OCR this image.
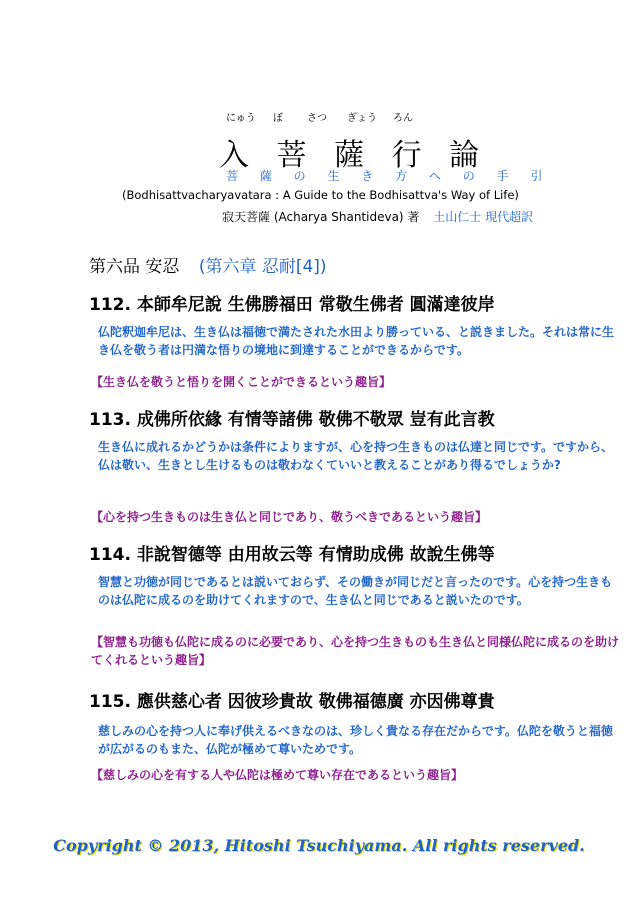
にゅう ぼ さつ ぎょう ろん
入 菩 薩 行 論
菩 薩 の 生 き 方 へ の 手 引
(Bodhisattvacharyavatara : A Guide to the Bodhisattva's Way of Life)
寂天菩薩 (Acharya Shantideva) 著 土山仁士 現代超訳
第六品 安忍 (第六章 忍耐[4])
112. 本師牟尼說 生佛勝福田 常敬生佛者 圓滿達彼岸
仏陀釈迦牟尼は、生き仏は福徳で満たされた水田より勝っている、と説きました。それは常に生き仏を敬う者は円満な悟りの境地に到達することができるからです。
【生き仏を敬うと悟りを開くことができるという趣旨】
113. 成佛所依緣 有情等諸佛 敬佛不敬眾 豈有此言教
生き仏に成れるかどうかは条件によりますが、心を持つ生きものは仏達と同じです。ですから、仏は敬い、生きとし生けるものは敬わなくていいと教えることがあり得るでしょうか?
【心を持つ生きものは生き仏と同じであり、敬うべきであるという趣旨】
114. 非說智德等 由用故云等 有情助成佛 故說生佛等
智慧と功徳が同じであるとは説いておらず、その働きが同じだと言ったのです。心を持つ生きものは仏陀に成るのを助けてくれますので、生き仏と同じであると説いたのです。
【智慧も功徳も仏陀に成るのに必要であり、心を持つ生きものも生き仏と同様仏陀に成るのを助けてくれるという趣旨】
115. 應供慈心者 因彼珍貴故 敬佛福德廣 亦因佛尊貴
慈しみの心を持つ人に奉げ供えるべきなのは、珍しく貴なる存在だからです。仏陀を敬うと福徳が広がるのもまた、仏陀が極めて尊いためです。
【慈しみの心を有する人や仏陀は極めて尊い存在であるという趣旨】
Copyright © 2013, Hitoshi Tsuchiyama. All rights reserved.
